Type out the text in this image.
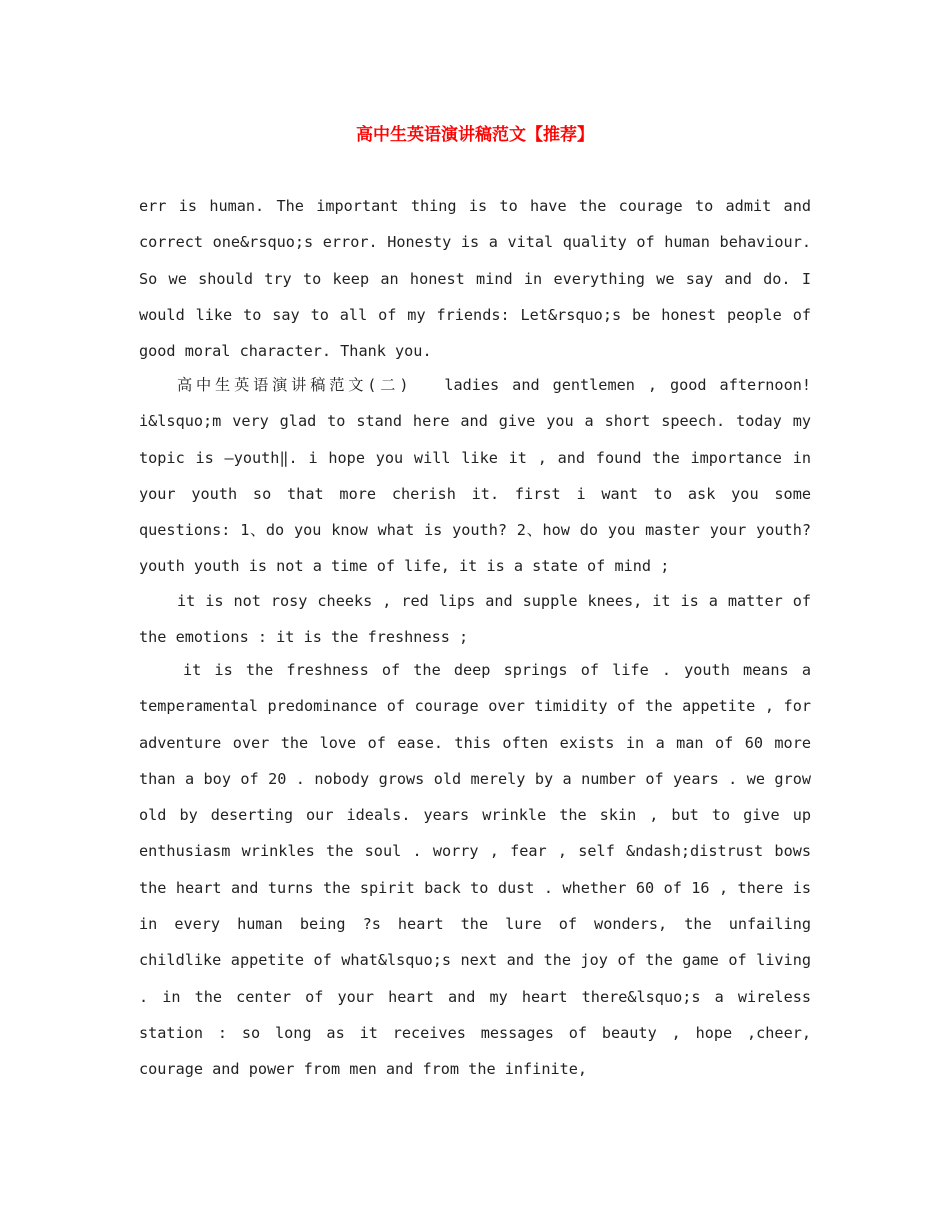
高中生英语演讲稿范文【推荐】

err is human. The important thing is to have the courage to admit and correct one&rsquo;s error. Honesty is a vital quality of human behaviour. So we should try to keep an honest mind in everything we say and do. I would like to say to all of my friends: Let&rsquo;s be honest people of good moral character. Thank you.

高中生英语演讲稿范文(二)　 ladies and gentlemen , good afternoon! i&lsquo;m very glad to stand here and give you a short speech. today my topic is ―youth‖. i hope you will like it , and found the importance in your youth so that more cherish it. first i want to ask you some questions: 1、do you know what is youth? 2、how do you master your youth? youth youth is not a time of life, it is a state of mind ;

it is not rosy cheeks , red lips and supple knees, it is a matter of the emotions : it is the freshness ;

it is the freshness of the deep springs of life . youth means a temperamental predominance of courage over timidity of the appetite , for adventure over the love of ease. this often exists in a man of 60 more than a boy of 20 . nobody grows old merely by a number of years . we grow old by deserting our ideals. years wrinkle the skin , but to give up enthusiasm wrinkles the soul . worry , fear , self &ndash;distrust bows the heart and turns the spirit back to dust . whether 60 of 16 , there is in every human being ?s heart the lure of wonders, the unfailing childlike appetite of what&lsquo;s next and the joy of the game of living . in the center of your heart and my heart there&lsquo;s a wireless station : so long as it receives messages of beauty , hope ,cheer, courage and power from men and from the infinite,
